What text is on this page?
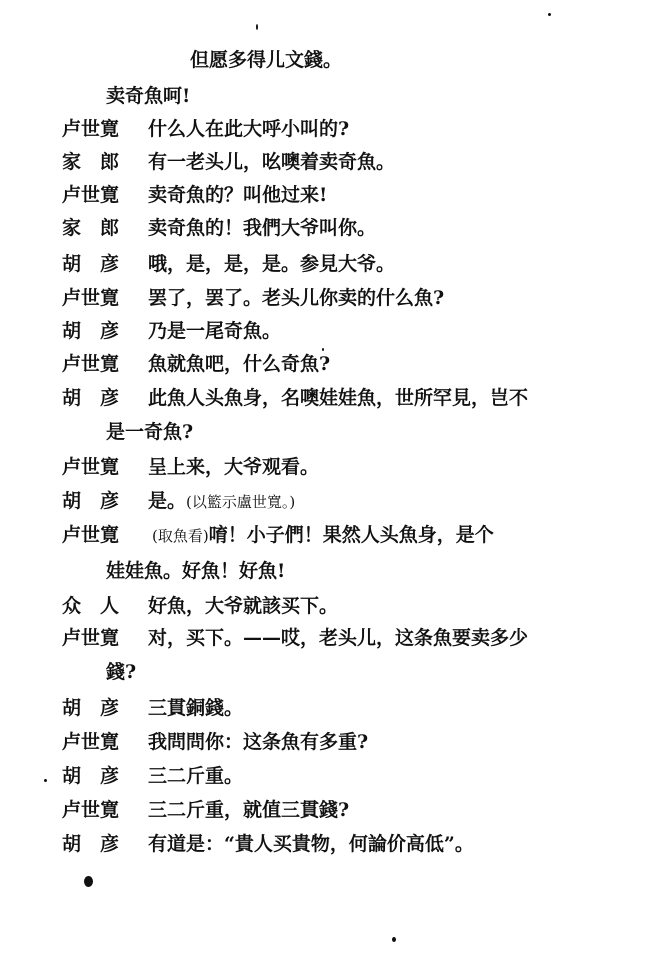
但愿多得儿文錢。
卖奇魚呵!
卢世寛	什么人在此大呼小叫的?
家　郎	有一老头儿，吆噢着卖奇魚。
卢世寛	卖奇魚的？叫他过来!
家　郎	卖奇魚的！我們大爷叫你。
胡　彦	哦，是，是，是。参見大爷。
卢世寛	罢了，罢了。老头儿你卖的什么魚?
胡　彦	乃是一尾奇魚。
卢世寛	魚就魚吧，什么奇魚?
胡　彦	此魚人头魚身，名噢娃娃魚，世所罕見，岂不
是一奇魚?
卢世寛	呈上来，大爷观看。
胡　彦	是。(以籃示盧世寬。)
卢世寛	(取魚看)唷！小子們！果然人头魚身，是个
娃娃魚。好魚！好魚!
众　人	好魚，大爷就該买下。
卢世寛	对，买下。——哎，老头儿，这条魚要卖多少
錢?
胡　彦	三貫銅錢。
卢世寛	我問問你：这条魚有多重?
胡　彦	三二斤重。
卢世寛	三二斤重，就值三貫錢?
胡　彦	有道是：“貴人买貴物，何論价高低”。
